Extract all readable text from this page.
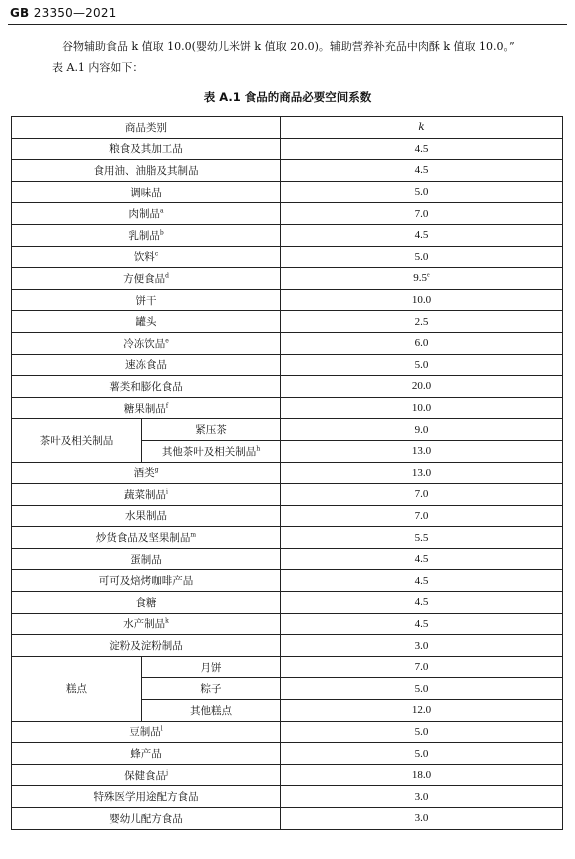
GB 23350—2021
谷物辅助食品 k 值取 10.0(婴幼儿米饼 k 值取 20.0)。辅助营养补充品中肉酥 k 值取 10.0。”
表 A.1 内容如下：
表 A.1 食品的商品必要空间系数
商品类别		k
粮食及其加工品		4.5
食用油、油脂及其制品		4.5
调味品		5.0
肉制品$^a$		7.0
乳制品$^b$		4.5
饮料$^c$		5.0
方便食品$^d$		9.5e
饼干		10.0
罐头		2.5
冷冻饮品$^e$		6.0
速冻食品		5.0
薯类和膨化食品		20.0
糖果制品$^f$		10.0
茶叶及相关制品	紧压茶	9.0
	其他茶叶及相关制品$^h$	13.0
酒类$^g$		13.0
蔬菜制品$^i$		7.0
水果制品		7.0
炒货食品及坚果制品$^m$		5.5
蛋制品		4.5
可可及焙烤咖啡产品		4.5
食糖		4.5
水产制品$^k$		4.5
淀粉及淀粉制品		3.0
糕点	月饼	7.0
	粽子	5.0
	其他糕点	12.0
豆制品$^l$		5.0
蜂产品		5.0
保健食品$^j$		18.0
特殊医学用途配方食品		3.0
婴幼儿配方食品		3.0
